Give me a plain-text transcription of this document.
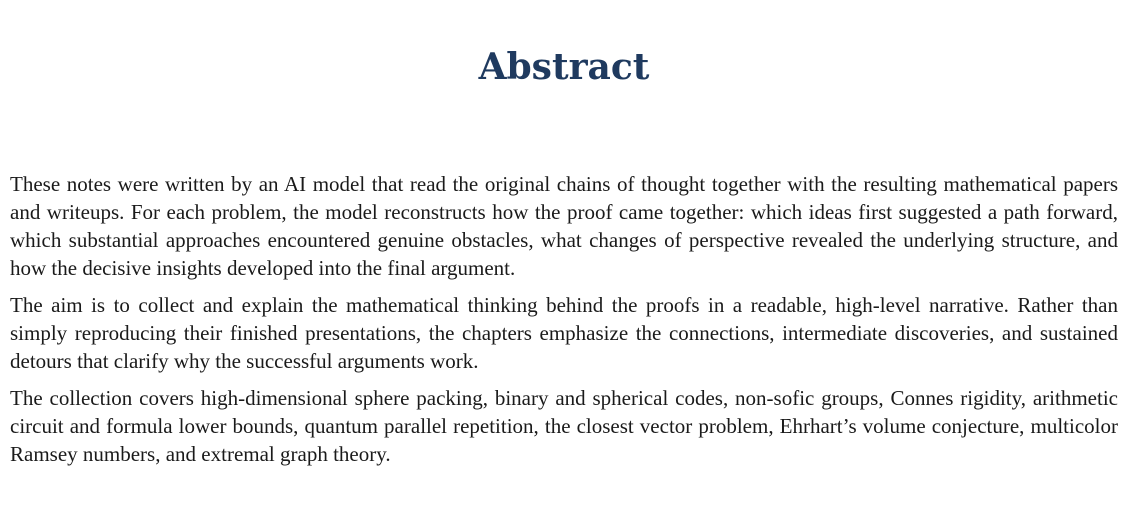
Abstract

These notes were written by an AI model that read the original chains of thought together with the resulting mathematical papers and writeups. For each problem, the model reconstructs how the proof came together: which ideas first suggested a path forward, which substantial approaches encountered genuine obstacles, what changes of perspective revealed the underlying structure, and how the decisive insights developed into the final argument.

The aim is to collect and explain the mathematical thinking behind the proofs in a readable, high-level narrative. Rather than simply reproducing their finished presentations, the chapters emphasize the connections, intermediate discoveries, and sustained detours that clarify why the successful arguments work.

The collection covers high-dimensional sphere packing, binary and spherical codes, non-sofic groups, Connes rigidity, arithmetic circuit and formula lower bounds, quantum parallel repetition, the closest vector problem, Ehrhart’s volume conjecture, multicolor Ramsey numbers, and extremal graph theory.
